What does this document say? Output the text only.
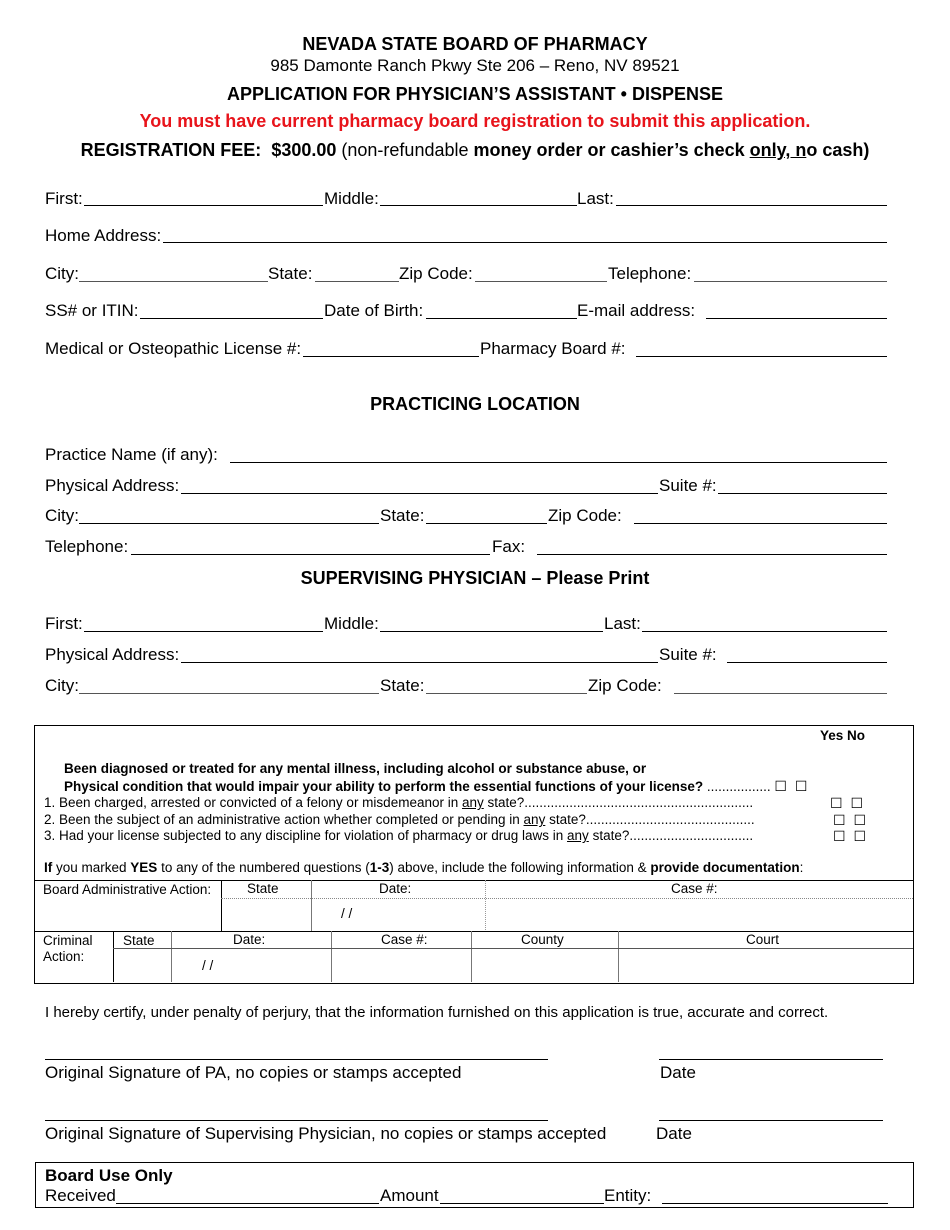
NEVADA STATE BOARD OF PHARMACY
985 Damonte Ranch Pkwy Ste 206 – Reno, NV 89521
APPLICATION FOR PHYSICIAN’S ASSISTANT • DISPENSE
You must have current pharmacy board registration to submit this application.
REGISTRATION FEE: $300.00 (non-refundable money order or cashier’s check only, no cash)
First:	Middle:	Last:
Home Address:
City:	State:	Zip Code:	Telephone:
SS# or ITIN:	Date of Birth:	E-mail address:
Medical or Osteopathic License #:	Pharmacy Board #:
PRACTICING LOCATION
Practice Name (if any):
Physical Address:	Suite #:
City:	State:	Zip Code:
Telephone:	Fax:
SUPERVISING PHYSICIAN – Please Print
First:	Middle:	Last:
Physical Address:	Suite #:
City:	State:	Zip Code:
Yes No
Been diagnosed or treated for any mental illness, including alcohol or substance abuse, or
Physical condition that would impair your ability to perform the essential functions of your license? ................. ☐ ☐
1. Been charged, arrested or convicted of a felony or misdemeanor in any state?.............................................................	☐ ☐
2. Been the subject of an administrative action whether completed or pending in any state?.............................................	☐ ☐
3. Had your license subjected to any discipline for violation of pharmacy or drug laws in any state?.................................	☐ ☐
If you marked YES to any of the numbered questions (1-3) above, include the following information & provide documentation:
Board Administrative Action:	State	Date:	Case #:
/ /
Criminal Action:
State	Date:	Case #:	County	Court
/ /
I hereby certify, under penalty of perjury, that the information furnished on this application is true, accurate and correct.
Original Signature of PA, no copies or stamps accepted	Date
Original Signature of Supervising Physician, no copies or stamps accepted	Date
Board Use Only
Received	Amount	Entity:
